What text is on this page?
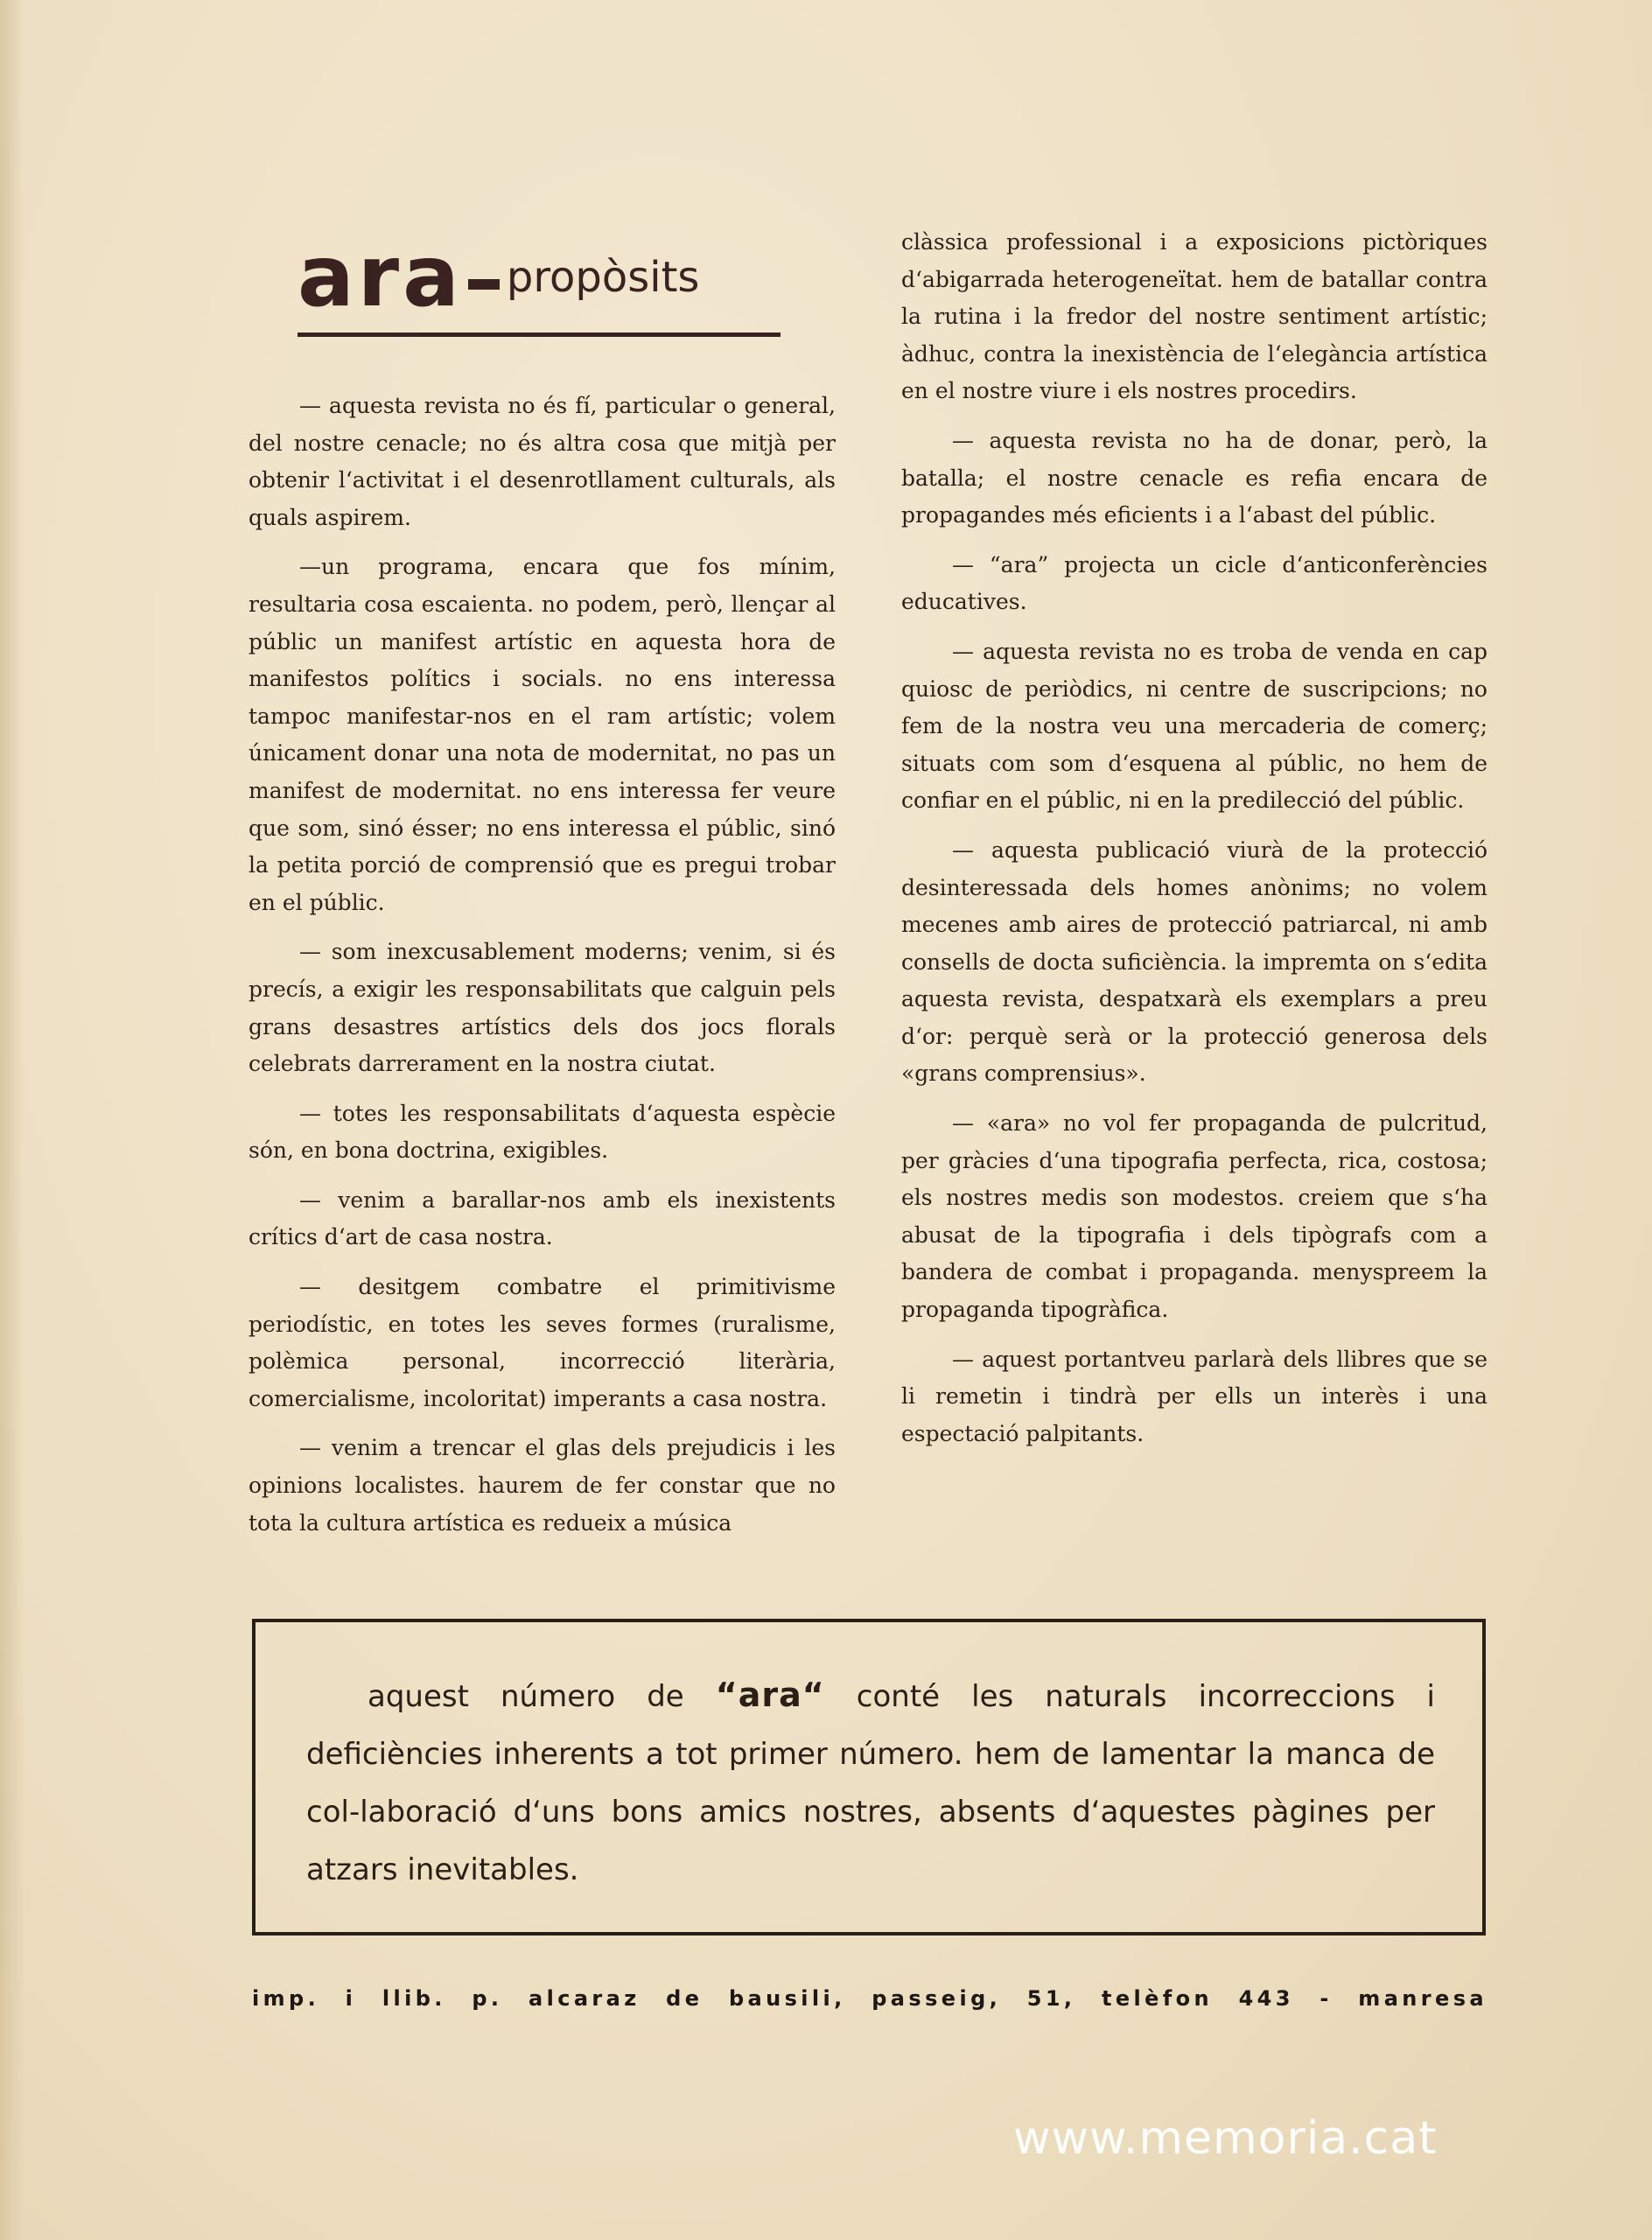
ara propòsits

— aquesta revista no és fí, particular o general, del nostre cenacle; no és altra cosa que mitjà per obtenir l‘activitat i el desenrotllament culturals, als quals aspirem.

—un programa, encara que fos mínim, resultaria cosa escaienta. no podem, però, llençar al públic un manifest artístic en aquesta hora de manifestos polítics i socials. no ens interessa tampoc manifestar-nos en el ram artístic; volem únicament donar una nota de modernitat, no pas un manifest de modernitat. no ens interessa fer veure que som, sinó ésser; no ens interessa el públic, sinó la petita porció de comprensió que es pregui trobar en el públic.

— som inexcusablement moderns; venim, si és precís, a exigir les responsabilitats que calguin pels grans desastres artístics dels dos jocs florals celebrats darrerament en la nostra ciutat.

— totes les responsabilitats d‘aquesta espècie són, en bona doctrina, exigibles.

— venim a barallar-nos amb els inexistents crítics d‘art de casa nostra.

— desitgem combatre el primitivisme periodístic, en totes les seves formes (ruralisme, polèmica personal, incorrecció literària, comercialisme, incoloritat) imperants a casa nostra.

— venim a trencar el glas dels prejudicis i les opinions localistes. haurem de fer constar que no tota la cultura artística es redueix a música

clàssica professional i a exposicions pictòriques d‘abigarrada heterogeneïtat. hem de batallar contra la rutina i la fredor del nostre sentiment artístic; àdhuc, contra la inexistència de l‘elegància artística en el nostre viure i els nostres procedirs.

— aquesta revista no ha de donar, però, la batalla; el nostre cenacle es refia encara de propagandes més eficients i a l‘abast del públic.

— “ara” projecta un cicle d‘anticonferències educatives.

— aquesta revista no es troba de venda en cap quiosc de periòdics, ni centre de suscripcions; no fem de la nostra veu una mercaderia de comerç; situats com som d‘esquena al públic, no hem de confiar en el públic, ni en la predilecció del públic.

— aquesta publicació viurà de la protecció desinteressada dels homes anònims; no volem mecenes amb aires de protecció patriarcal, ni amb consells de docta suficiència. la impremta on s‘edita aquesta revista, despatxarà els exemplars a preu d‘or: perquè serà or la protecció generosa dels «grans comprensius».

— «ara» no vol fer propaganda de pulcritud, per gràcies d‘una tipografia perfecta, rica, costosa; els nostres medis son modestos. creiem que s‘ha abusat de la tipografia i dels tipògrafs com a bandera de combat i propaganda. menyspreem la propaganda tipogràfica.

— aquest portantveu parlarà dels llibres que se li remetin i tindrà per ells un interès i una espectació palpitants.

aquest número de “ara“ conté les naturals incorreccions i deficiències inherents a tot primer número. hem de lamentar la manca de col-laboració d‘uns bons amics nostres, absents d‘aquestes pàgines per atzars inevitables.
imp. i llib. p. alcaraz de bausili, passeig, 51, telèfon 443 - manresa
www.memoria.cat
